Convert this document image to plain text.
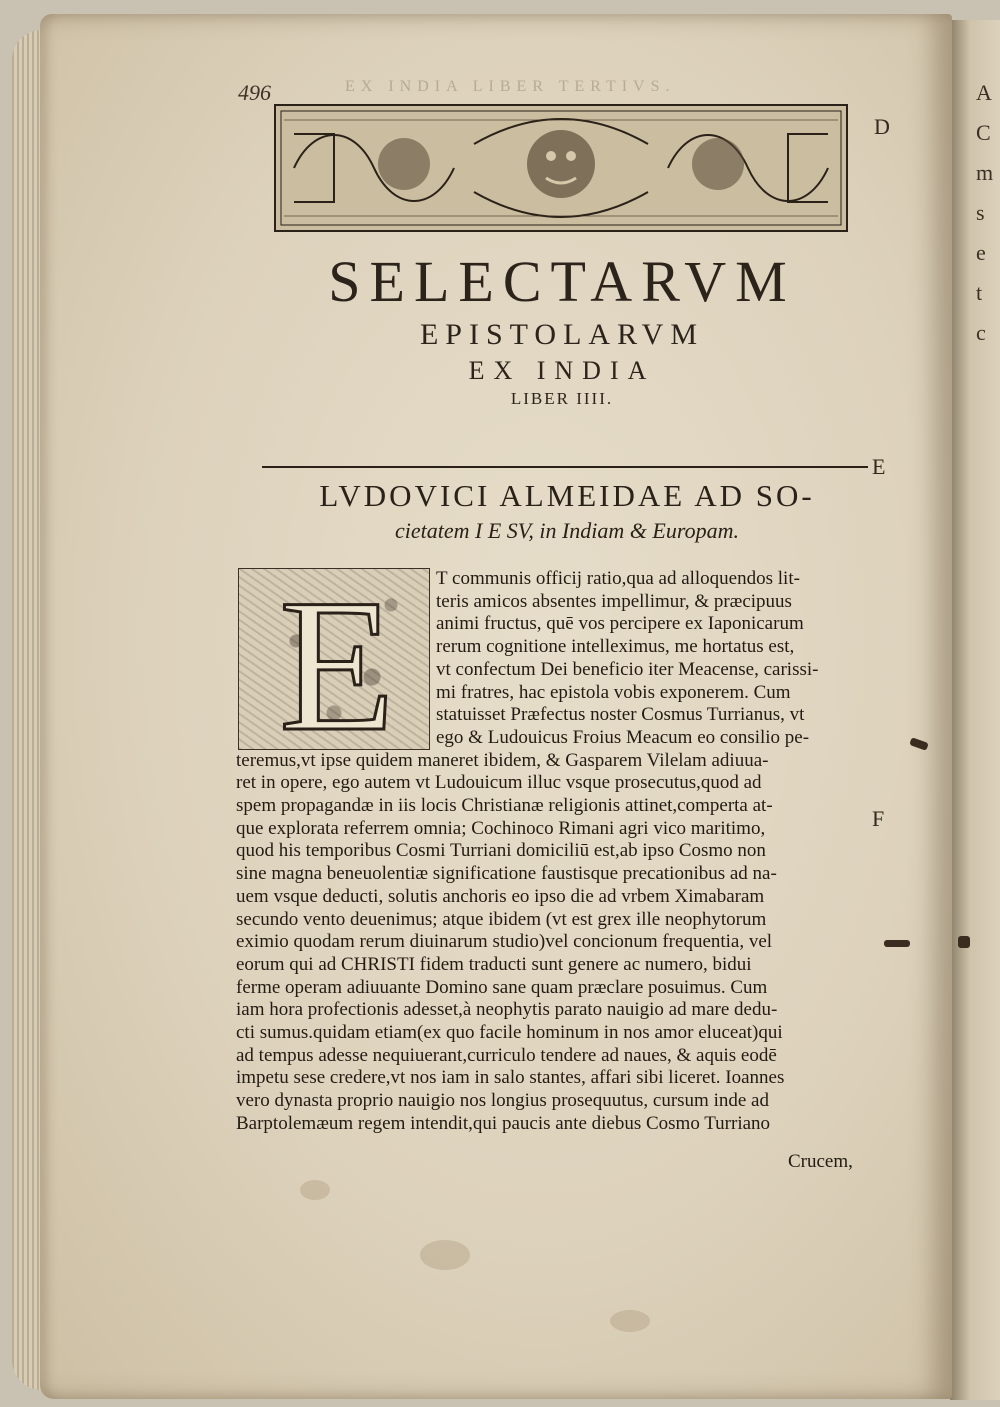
A
C
m
s
e
t
c
496	EX INDIA LIBER TERTIVS.
D
E
F
SELECTARVM
EPISTOLARVM
EX INDIA
LIBER IIII.
LVDOVICI ALMEIDAE AD SO-
cietatem I E SV, in Indiam & Europam.
E	T communis officij ratio,qua ad alloquendos lit-
teris amicos absentes impellimur, & præcipuus
animi fructus, quē vos percipere ex Iaponicarum
rerum cognitione intelleximus, me hortatus est,
vt confectum Dei beneficio iter Meacense, carissi-
mi fratres, hac epistola vobis exponerem. Cum
statuisset Præfectus noster Cosmus Turrianus, vt
ego & Ludouicus Froius Meacum eo consilio pe-
teremus,vt ipse quidem maneret ibidem, & Gasparem Vilelam adiuua-
ret in opere, ego autem vt Ludouicum illuc vsque prosecutus,quod ad
spem propagandæ in iis locis Christianæ religionis attinet,comperta at-
que explorata referrem omnia; Cochinoco Rimani agri vico maritimo,
quod his temporibus Cosmi Turriani domiciliū est,ab ipso Cosmo non
sine magna beneuolentiæ significatione faustisque precationibus ad na-
uem vsque deducti, solutis anchoris eo ipso die ad vrbem Ximabaram
secundo vento deuenimus; atque ibidem (vt est grex ille neophytorum
eximio quodam rerum diuinarum studio)vel concionum frequentia, vel
eorum qui ad CHRISTI fidem traducti sunt genere ac numero, bidui
ferme operam adiuuante Domino sane quam præclare posuimus. Cum
iam hora profectionis adesset,à neophytis parato nauigio ad mare dedu-
cti sumus.quidam etiam(ex quo facile hominum in nos amor eluceat)qui
ad tempus adesse nequiuerant,curriculo tendere ad naues, & aquis eodē
impetu sese credere,vt nos iam in salo stantes, affari sibi liceret. Ioannes
vero dynasta proprio nauigio nos longius prosequutus, cursum inde ad
Barptolemæum regem intendit,qui paucis ante diebus Cosmo Turriano
Crucem,
